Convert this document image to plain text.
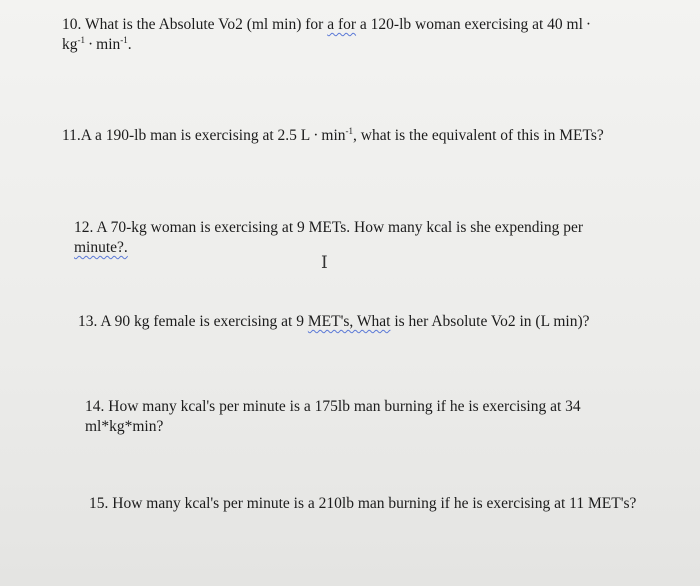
10. What is the Absolute Vo2 (ml min) for a for a 120-lb woman exercising at 40 ml ·
$kg^{-1} \cdot \min^{-1}$.
11.A a 190-lb man is exercising at 2.5 $L \cdot \min^{-1}$, what is the equivalent of this in METs?
12. A 70-kg woman is exercising at 9 METs. How many kcal is she expending per
minute?.
I
13. A 90 kg female is exercising at 9 MET's, What is her Absolute Vo2 in (L min)?
14. How many kcal's per minute is a 175lb man burning if he is exercising at 34
ml*kg*min?
15. How many kcal's per minute is a 210lb man burning if he is exercising at 11 MET's?
